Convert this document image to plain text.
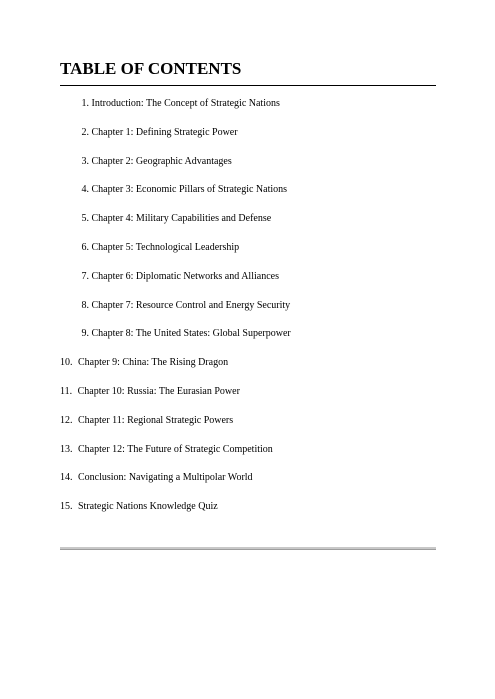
TABLE OF CONTENTS
1. Introduction: The Concept of Strategic Nations
2. Chapter 1: Defining Strategic Power
3. Chapter 2: Geographic Advantages
4. Chapter 3: Economic Pillars of Strategic Nations
5. Chapter 4: Military Capabilities and Defense
6. Chapter 5: Technological Leadership
7. Chapter 6: Diplomatic Networks and Alliances
8. Chapter 7: Resource Control and Energy Security
9. Chapter 8: The United States: Global Superpower
10. Chapter 9: China: The Rising Dragon
11. Chapter 10: Russia: The Eurasian Power
12. Chapter 11: Regional Strategic Powers
13. Chapter 12: The Future of Strategic Competition
14. Conclusion: Navigating a Multipolar World
15. Strategic Nations Knowledge Quiz
